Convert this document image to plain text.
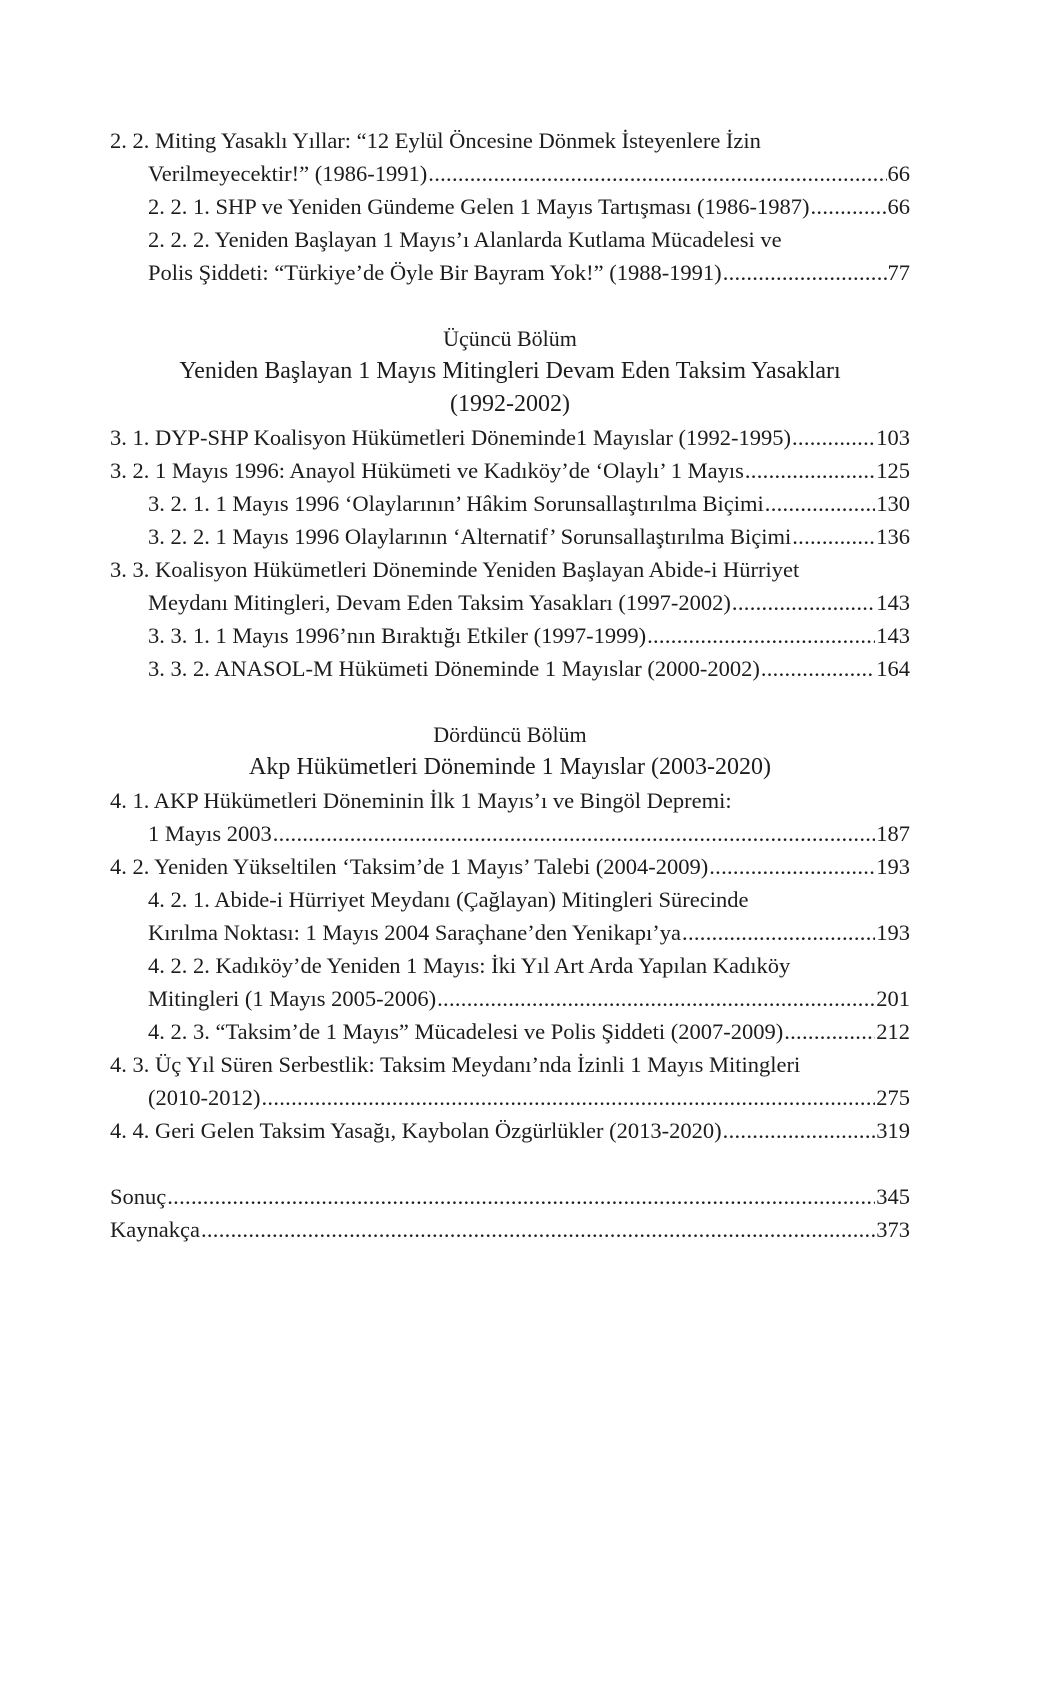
2. 2. Miting Yasaklı Yıllar: “12 Eylül Öncesine Dönmek İsteyenlere İzin
Verilmeyecektir!” (1986-1991) .....	66
2. 2. 1. SHP ve Yeniden Gündeme Gelen 1 Mayıs Tartışması (1986-1987) .....	66
2. 2. 2. Yeniden Başlayan 1 Mayıs’ı Alanlarda Kutlama Mücadelesi ve
Polis Şiddeti: “Türkiye’de Öyle Bir Bayram Yok!” (1988-1991) .....	77
Üçüncü Bölüm
Yeniden Başlayan 1 Mayıs Mitingleri Devam Eden Taksim Yasakları
(1992-2002)
3. 1. DYP-SHP Koalisyon Hükümetleri Döneminde1 Mayıslar (1992-1995) .....	103
3. 2. 1 Mayıs 1996: Anayol Hükümeti ve Kadıköy’de ‘Olaylı’ 1 Mayıs .....	125
3. 2. 1. 1 Mayıs 1996 ‘Olaylarının’ Hâkim Sorunsallaştırılma Biçimi .....	130
3. 2. 2. 1 Mayıs 1996 Olaylarının ‘Alternatif’ Sorunsallaştırılma Biçimi .....	136
3. 3. Koalisyon Hükümetleri Döneminde Yeniden Başlayan Abide-i Hürriyet
Meydanı Mitingleri, Devam Eden Taksim Yasakları (1997-2002) .....	143
3. 3. 1. 1 Mayıs 1996’nın Bıraktığı Etkiler (1997-1999) .....	143
3. 3. 2. ANASOL-M Hükümeti Döneminde 1 Mayıslar (2000-2002) .....	164
Dördüncü Bölüm
Akp Hükümetleri Döneminde 1 Mayıslar (2003-2020)
4. 1. AKP Hükümetleri Döneminin İlk 1 Mayıs’ı ve Bingöl Depremi:
1 Mayıs 2003 .....	187
4. 2. Yeniden Yükseltilen ‘Taksim’de 1 Mayıs’ Talebi (2004-2009) .....	193
4. 2. 1. Abide-i Hürriyet Meydanı (Çağlayan) Mitingleri Sürecinde
Kırılma Noktası: 1 Mayıs 2004 Saraçhane’den Yenikapı’ya .....	193
4. 2. 2. Kadıköy’de Yeniden 1 Mayıs: İki Yıl Art Arda Yapılan Kadıköy
Mitingleri (1 Mayıs 2005-2006) .....	201
4. 2. 3. “Taksim’de 1 Mayıs” Mücadelesi ve Polis Şiddeti (2007-2009) .....	212
4. 3. Üç Yıl Süren Serbestlik: Taksim Meydanı’nda İzinli 1 Mayıs Mitingleri
(2010-2012) .....	275
4. 4. Geri Gelen Taksim Yasağı, Kaybolan Özgürlükler (2013-2020) .....	319
Sonuç .....	345
Kaynakça .....	373
